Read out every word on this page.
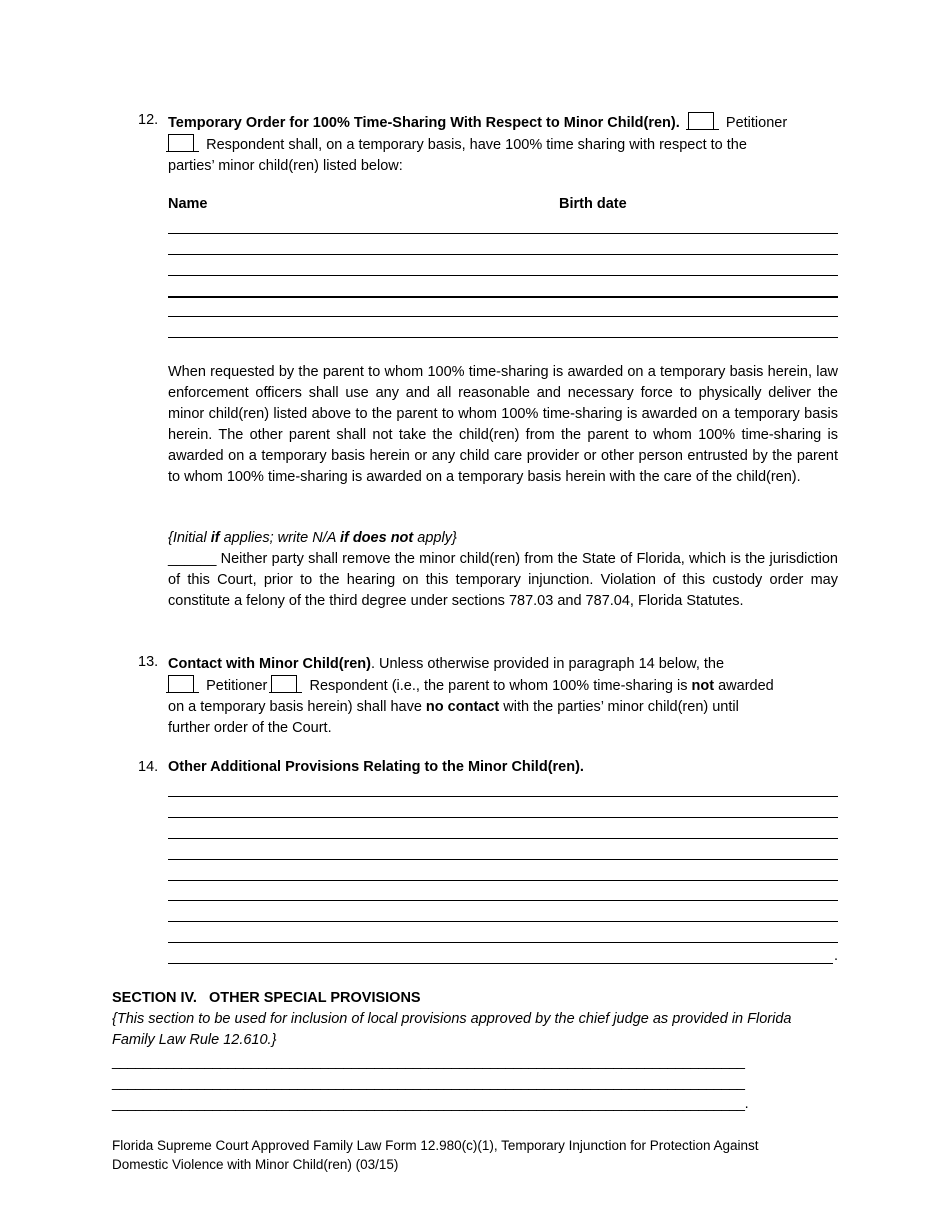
12. Temporary Order for 100% Time-Sharing With Respect to Minor Child(ren).	Petitioner
Respondent shall, on a temporary basis, have 100% time sharing with respect to the
parties’ minor child(ren) listed below:
Name	Birth date
When requested by the parent to whom 100% time-sharing is awarded on a temporary basis herein, law enforcement officers shall use any and all reasonable and necessary force to physically deliver the minor child(ren) listed above to the parent to whom 100% time-sharing is awarded on a temporary basis herein. The other parent shall not take the child(ren) from the parent to whom 100% time-sharing is awarded on a temporary basis herein or any child care provider or other person entrusted by the parent to whom 100% time-sharing is awarded on a temporary basis herein with the care of the child(ren).
{Initial if applies; write N/A if does not apply}
______ Neither party shall remove the minor child(ren) from the State of Florida, which is the jurisdiction of this Court, prior to the hearing on this temporary injunction. Violation of this custody order may constitute a felony of the third degree under sections 787.03 and 787.04, Florida Statutes.
13. Contact with Minor Child(ren). Unless otherwise provided in paragraph 14 below, the
Petitioner	Respondent (i.e., the parent to whom 100% time-sharing is not awarded
on a temporary basis herein) shall have no contact with the parties’ minor child(ren) until
further order of the Court.
14. Other Additional Provisions Relating to the Minor Child(ren).
.
SECTION IV.   OTHER SPECIAL PROVISIONS
{This section to be used for inclusion of local provisions approved by the chief judge as provided in Florida Family Law Rule 12.610.}
__________________________________________________________________________________
__________________________________________________________________________________
__________________________________________________________________________________.
Florida Supreme Court Approved Family Law Form 12.980(c)(1), Temporary Injunction for Protection Against Domestic Violence with Minor Child(ren) (03/15)
